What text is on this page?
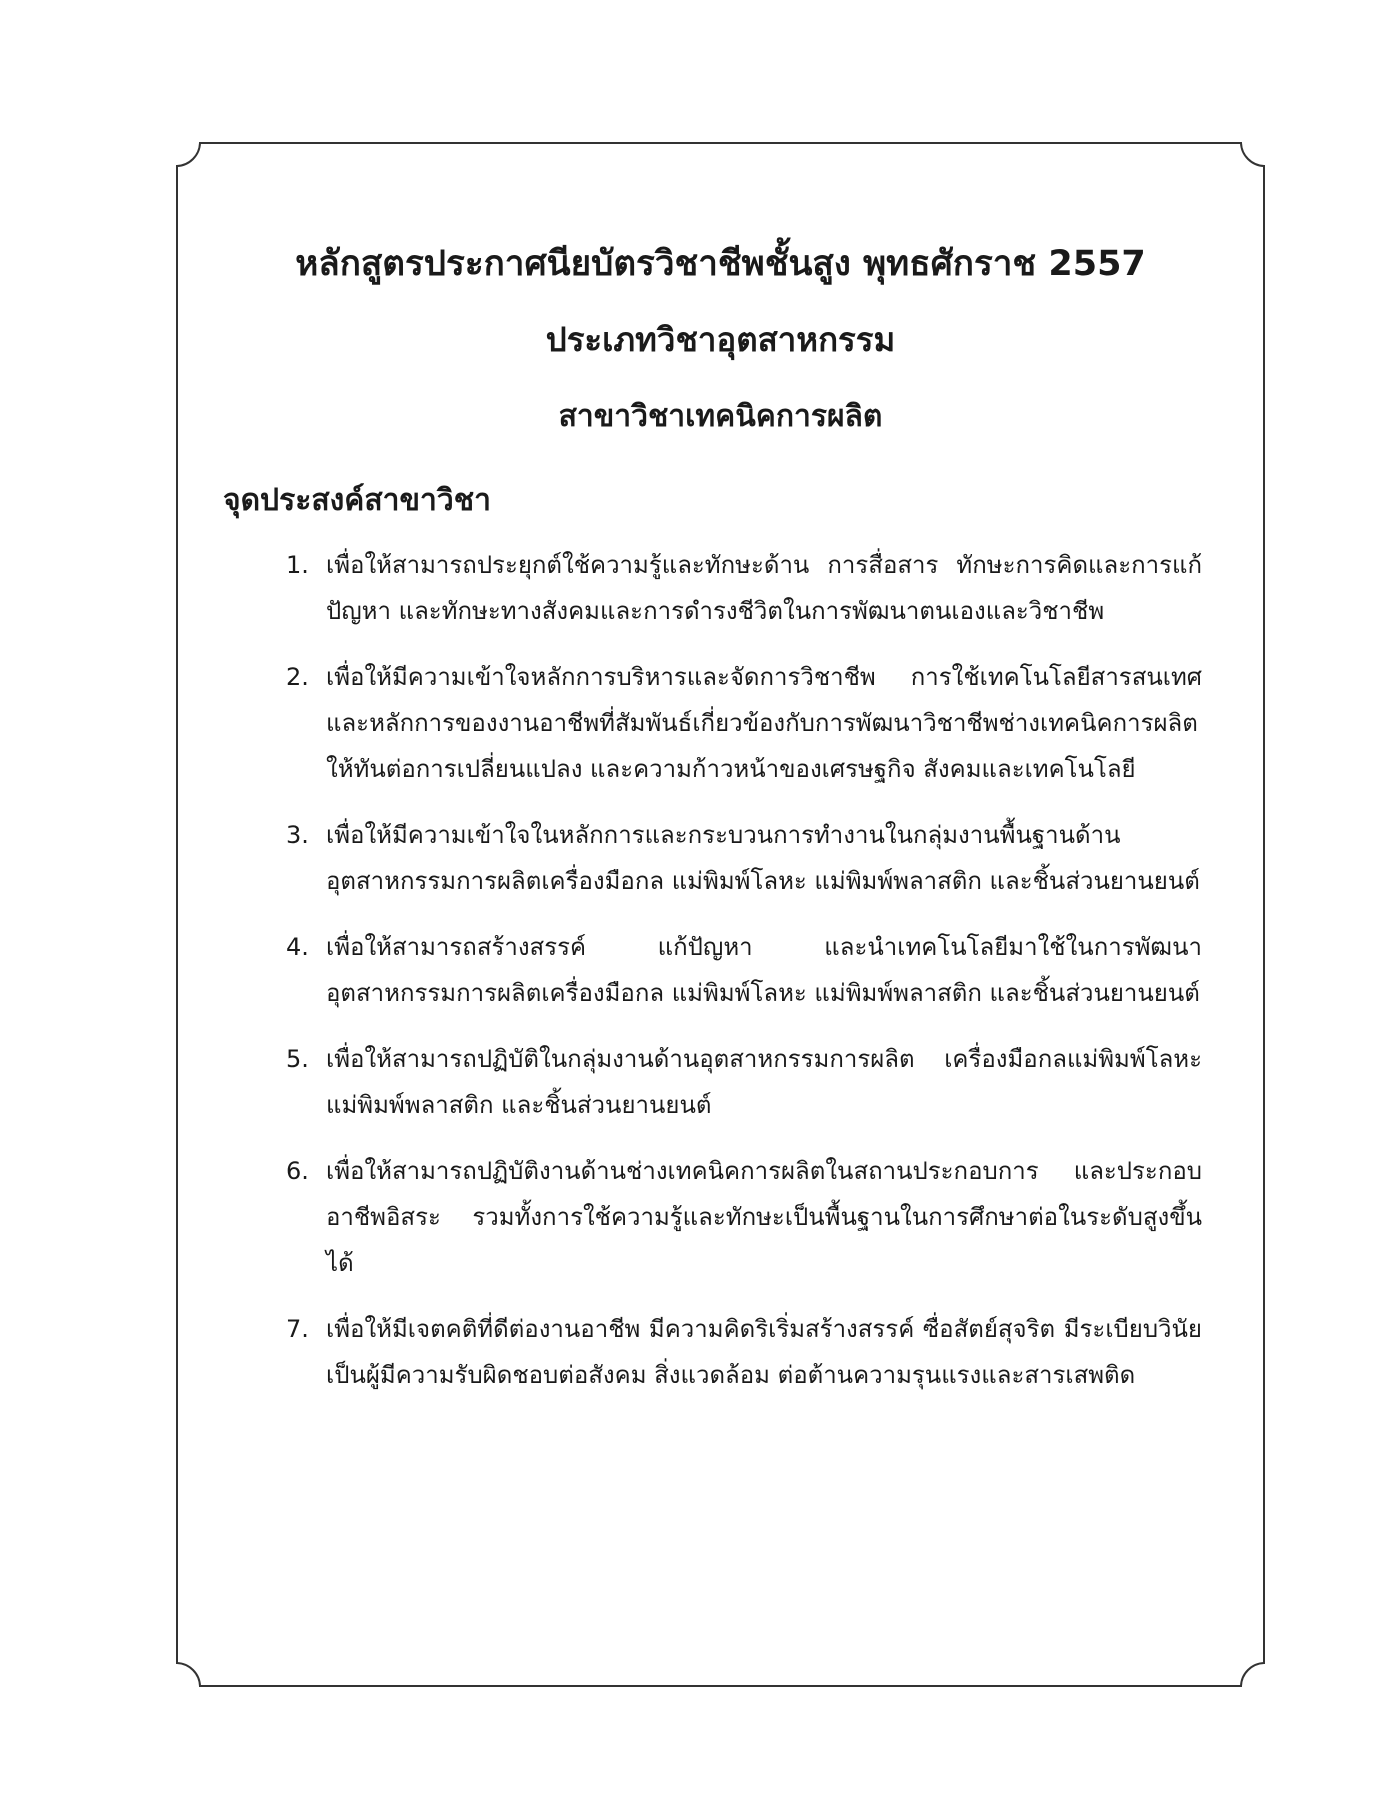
หลักสูตรประกาศนียบัตรวิชาชีพชั้นสูง พุทธศักราช 2557
ประเภทวิชาอุตสาหกรรม
สาขาวิชาเทคนิคการผลิต
จุดประสงค์สาขาวิชา
1. เพื่อให้สามารถประยุกต์ใช้ความรู้และทักษะด้าน การสื่อสาร ทักษะการคิดและการแก้ปัญหา และทักษะทางสังคมและการดำรงชีวิตในการพัฒนาตนเองและวิชาชีพ
2. เพื่อให้มีความเข้าใจหลักการบริหารและจัดการวิชาชีพ การใช้เทคโนโลยีสารสนเทศ และหลักการของงานอาชีพที่สัมพันธ์เกี่ยวข้องกับการพัฒนาวิชาชีพช่างเทคนิคการผลิต ให้ทันต่อการเปลี่ยนแปลง และความก้าวหน้าของเศรษฐกิจ สังคมและเทคโนโลยี
3. เพื่อให้มีความเข้าใจในหลักการและกระบวนการทำงานในกลุ่มงานพื้นฐานด้านอุตสาหกรรมการผลิตเครื่องมือกล แม่พิมพ์โลหะ แม่พิมพ์พลาสติก และชิ้นส่วนยานยนต์
4. เพื่อให้สามารถสร้างสรรค์ แก้ปัญหา และนำเทคโนโลยีมาใช้ในการพัฒนาอุตสาหกรรมการผลิตเครื่องมือกล แม่พิมพ์โลหะ แม่พิมพ์พลาสติก และชิ้นส่วนยานยนต์
5. เพื่อให้สามารถปฏิบัติในกลุ่มงานด้านอุตสาหกรรมการผลิต เครื่องมือกลแม่พิมพ์โลหะ แม่พิมพ์พลาสติก และชิ้นส่วนยานยนต์
6. เพื่อให้สามารถปฏิบัติงานด้านช่างเทคนิคการผลิตในสถานประกอบการ และประกอบอาชีพอิสระ รวมทั้งการใช้ความรู้และทักษะเป็นพื้นฐานในการศึกษาต่อในระดับสูงขึ้นได้
7. เพื่อให้มีเจตคติที่ดีต่องานอาชีพ มีความคิดริเริ่มสร้างสรรค์ ซื่อสัตย์สุจริต มีระเบียบวินัย เป็นผู้มีความรับผิดชอบต่อสังคม สิ่งแวดล้อม ต่อต้านความรุนแรงและสารเสพติด
